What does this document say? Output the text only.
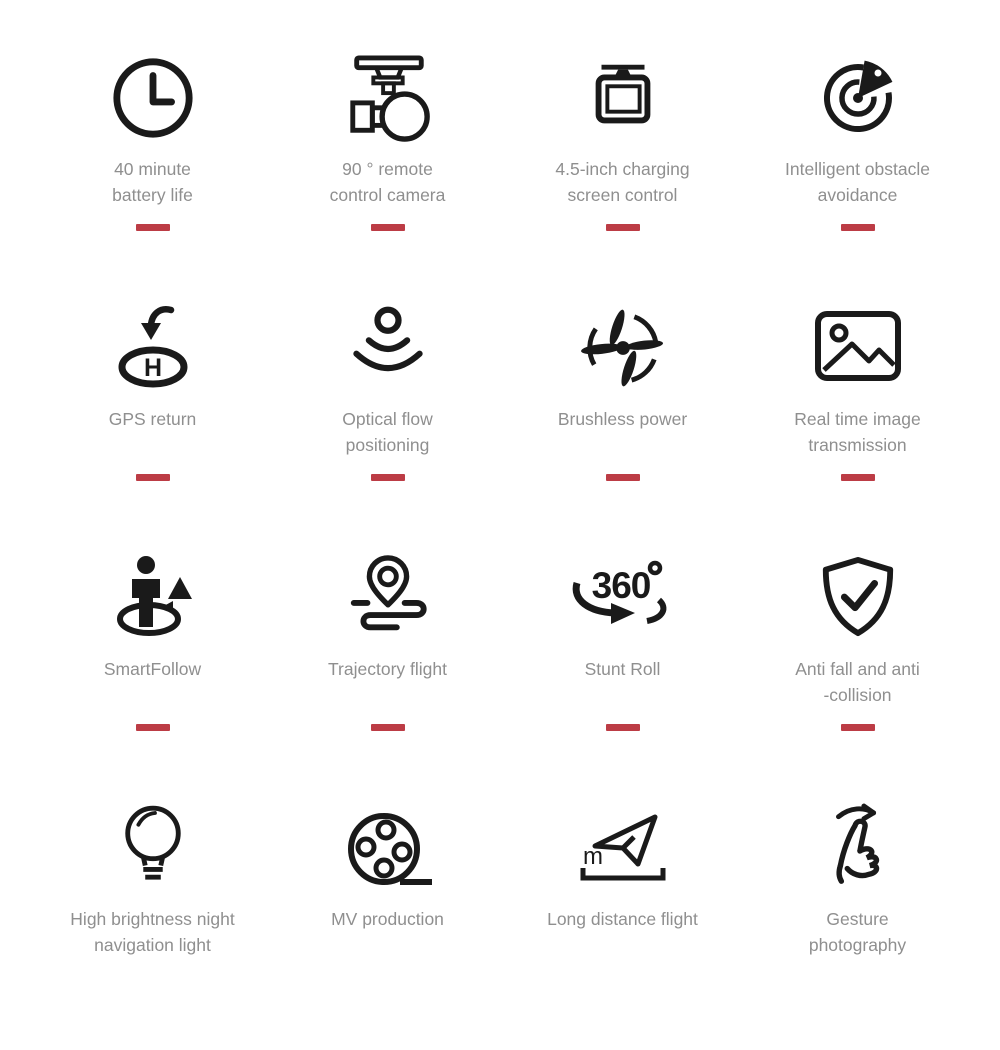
40 minute
battery life
90 ° remote
control camera
4.5-inch charging
screen control
Intelligent obstacle
avoidance
H
GPS return	Optical flow
positioning
Brushless power	Real time image
transmission
SmartFollow	Trajectory flight
360
Stunt Roll	Anti fall and anti
-collision
High brightness night
navigation light
MV production
m
Long distance flight	Gesture
photography
